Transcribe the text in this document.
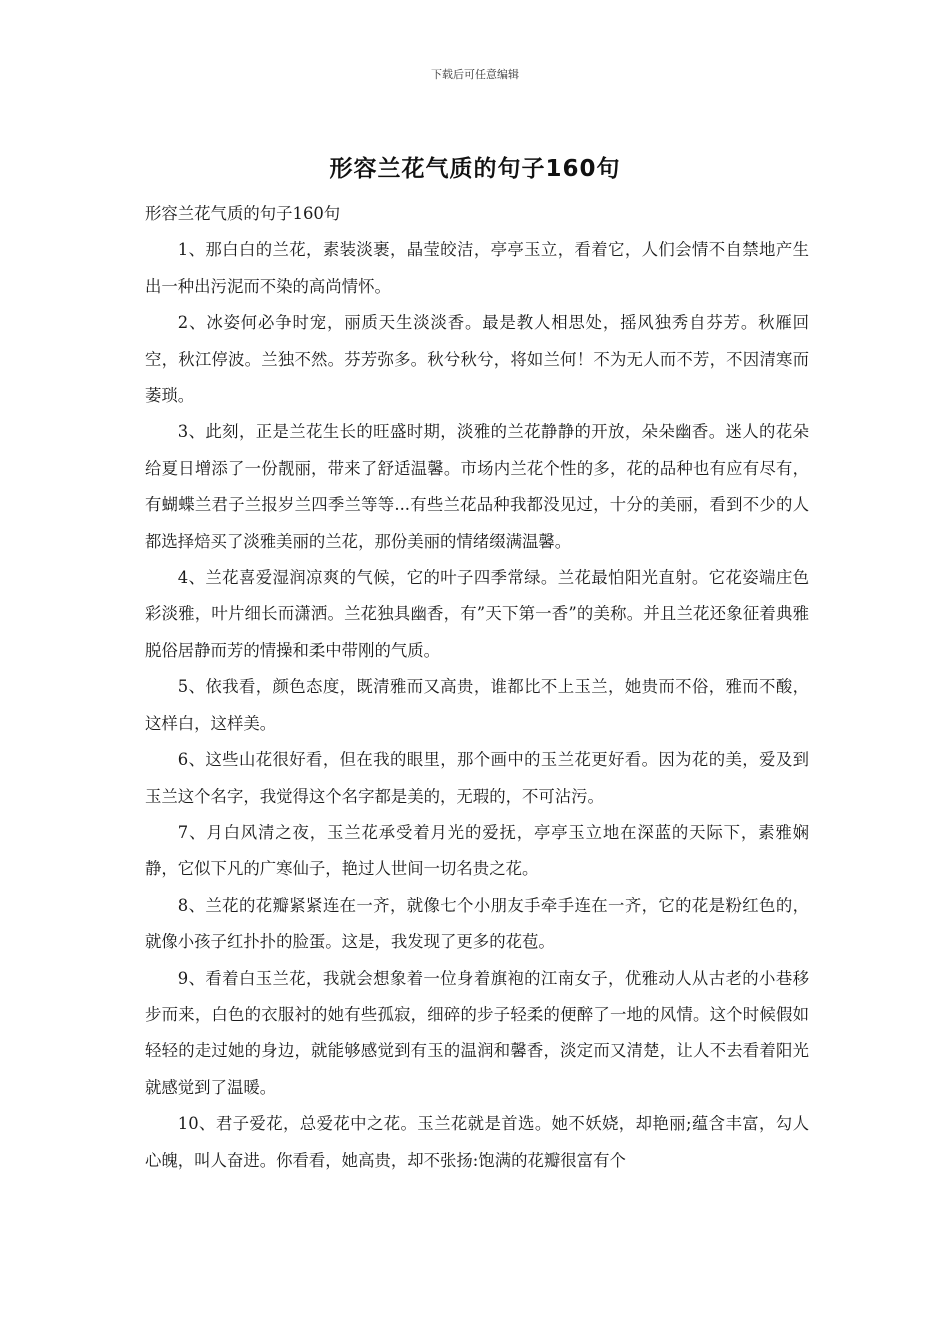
下载后可任意编辑
形容兰花气质的句子160句

形容兰花气质的句子160句

1、那白白的兰花，素装淡裹，晶莹皎洁，亭亭玉立，看着它，人们会情不自禁地产生出一种出污泥而不染的高尚情怀。

2、冰姿何必争时宠，丽质天生淡淡香。最是教人相思处，摇风独秀自芬芳。秋雁回空，秋江停波。兰独不然。芬芳弥多。秋兮秋兮，将如兰何！不为无人而不芳，不因清寒而萎琐。

3、此刻，正是兰花生长的旺盛时期，淡雅的兰花静静的开放，朵朵幽香。迷人的花朵给夏日增添了一份靓丽，带来了舒适温馨。市场内兰花个性的多，花的品种也有应有尽有，有蝴蝶兰君子兰报岁兰四季兰等等...有些兰花品种我都没见过，十分的美丽，看到不少的人都选择焙买了淡雅美丽的兰花，那份美丽的情绪缀满温馨。

4、兰花喜爱湿润凉爽的气候，它的叶子四季常绿。兰花最怕阳光直射。它花姿端庄色彩淡雅，叶片细长而潇洒。兰花独具幽香，有”天下第一香”的美称。并且兰花还象征着典雅脱俗居静而芳的情操和柔中带刚的气质。

5、依我看，颜色态度，既清雅而又高贵，谁都比不上玉兰，她贵而不俗，雅而不酸，这样白，这样美。

6、这些山花很好看，但在我的眼里，那个画中的玉兰花更好看。因为花的美，爱及到玉兰这个名字，我觉得这个名字都是美的，无瑕的，不可沾污。

7、月白风清之夜，玉兰花承受着月光的爱抚，亭亭玉立地在深蓝的天际下，素雅娴静，它似下凡的广寒仙子，艳过人世间一切名贵之花。

8、兰花的花瓣紧紧连在一齐，就像七个小朋友手牵手连在一齐，它的花是粉红色的，就像小孩子红扑扑的脸蛋。这是，我发现了更多的花苞。

9、看着白玉兰花，我就会想象着一位身着旗袍的江南女子，优雅动人从古老的小巷移步而来，白色的衣服衬的她有些孤寂，细碎的步子轻柔的便醉了一地的风情。这个时候假如轻轻的走过她的身边，就能够感觉到有玉的温润和馨香，淡定而又清楚，让人不去看着阳光就感觉到了温暖。

10、君子爱花，总爱花中之花。玉兰花就是首选。她不妖娆，却艳丽;蕴含丰富，勾人心魄，叫人奋进。你看看，她高贵，却不张扬:饱满的花瓣很富有个
